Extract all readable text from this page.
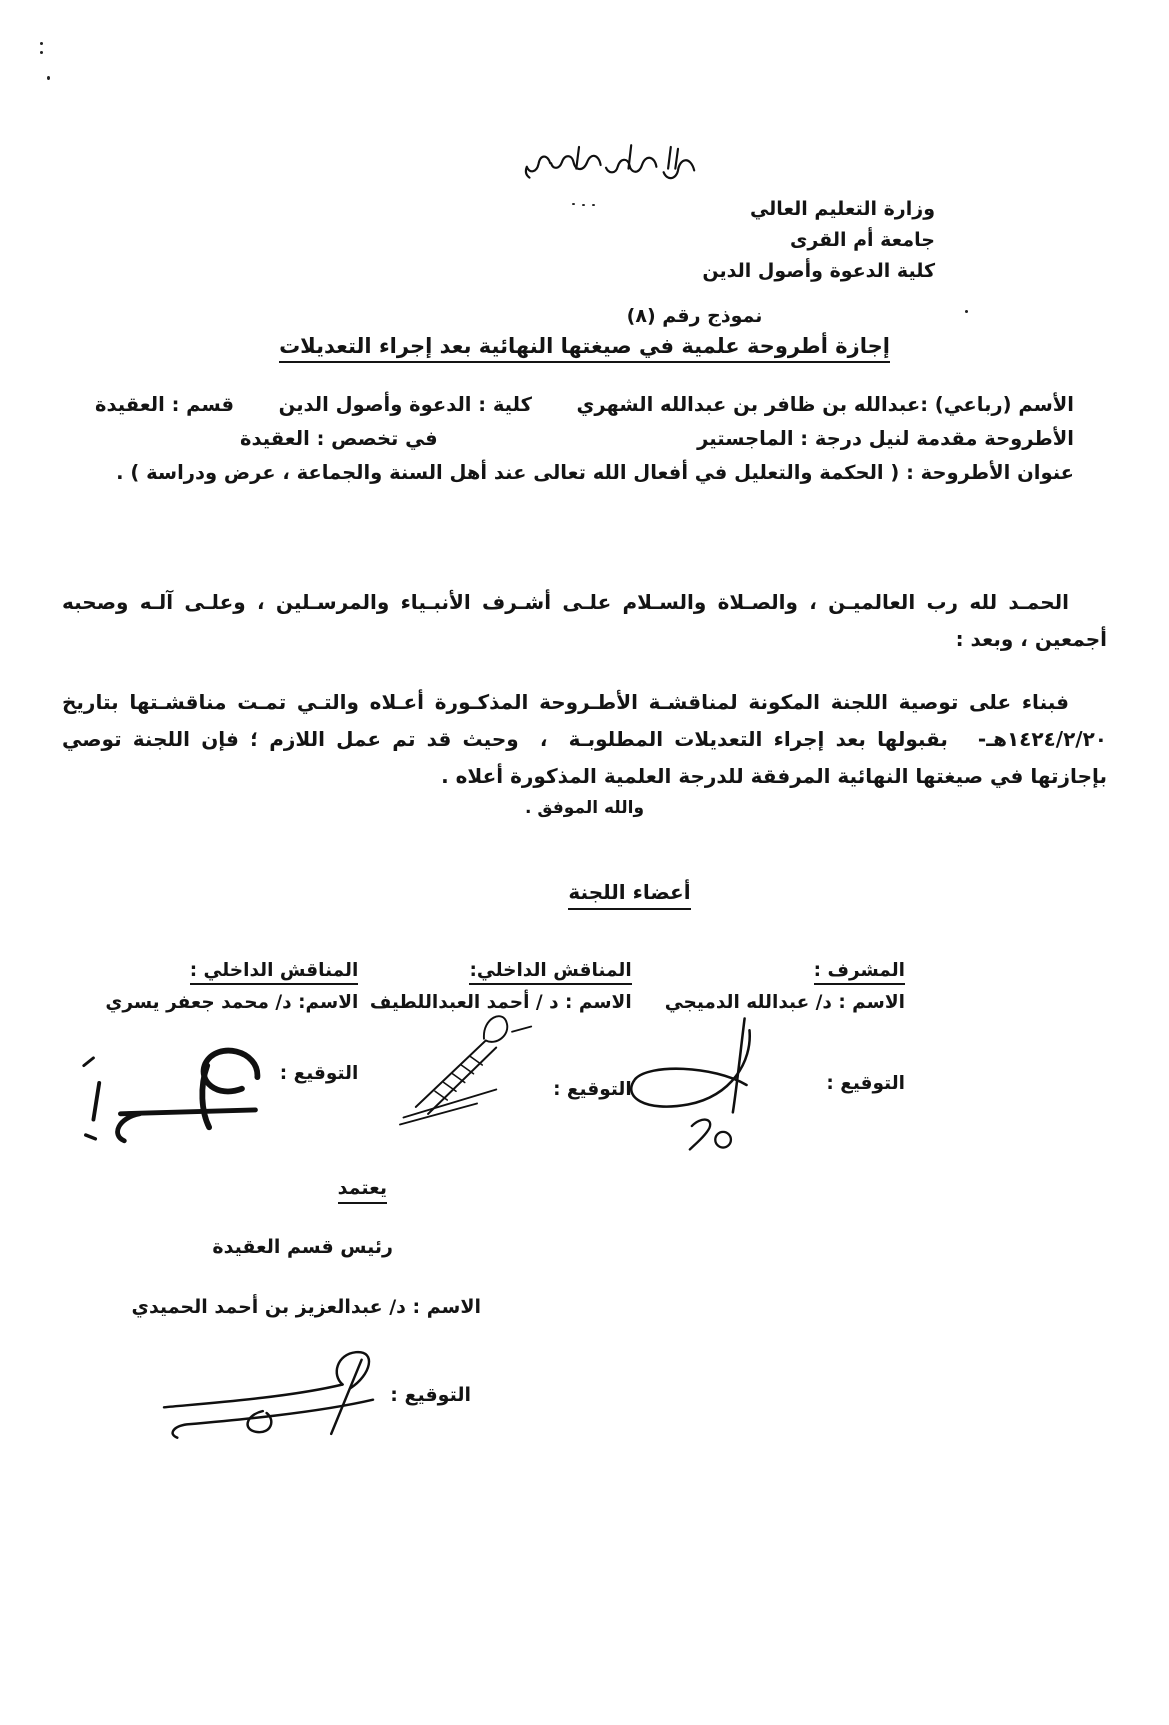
وزارة التعليم العالي
جامعة أم القرى
كلية الدعوة وأصول الدين
نموذج رقم (٨)
إجازة أطروحة علمية في صيغتها النهائية بعد إجراء التعديلات
الأسم (رباعي) :عبدالله بن ظافر بن عبدالله الشهري
كلية : الدعوة وأصول الدين
قسم : العقيدة
الأطروحة مقدمة لنيل درجة : الماجستير
في تخصص : العقيدة
عنوان الأطروحة : ( الحكمة والتعليل في أفعال الله تعالى عند أهل السنة والجماعة ، عرض ودراسة ) .

الحمـد لله رب العالميـن ، والصـلاة والسـلام علـى أشـرف الأنبـياء والمرسـلين ، وعلـى آلـه وصحبه أجمعين ، وبعد :

فبناء على توصية اللجنة المكونة لمناقشـة الأطـروحة المذكـورة أعـلاه والتـي تمـت مناقشـتها بتاريخ ١٤٢٤/٢/٢٠هـ-  بقبولها بعد إجراء التعديلات المطلوبـة  ،  وحيث قد تم عمل اللازم ؛ فإن اللجنة توصي بإجازتها في صيغتها النهائية المرفقة للدرجة العلمية المذكورة أعلاه .

والله الموفق .
أعضاء اللجنة
المشرف :
الاسم : د/ عبدالله الدميجي
التوقيع :
المناقش الداخلي:
الاسم : د / أحمد العبداللطيف
التوقيع :
المناقش الداخلي :
الاسم: د/ محمد جعفر يسري
التوقيع :
يعتمد
رئيس قسم العقيدة
الاسم : د/ عبدالعزيز بن أحمد الحميدي
التوقيع :
